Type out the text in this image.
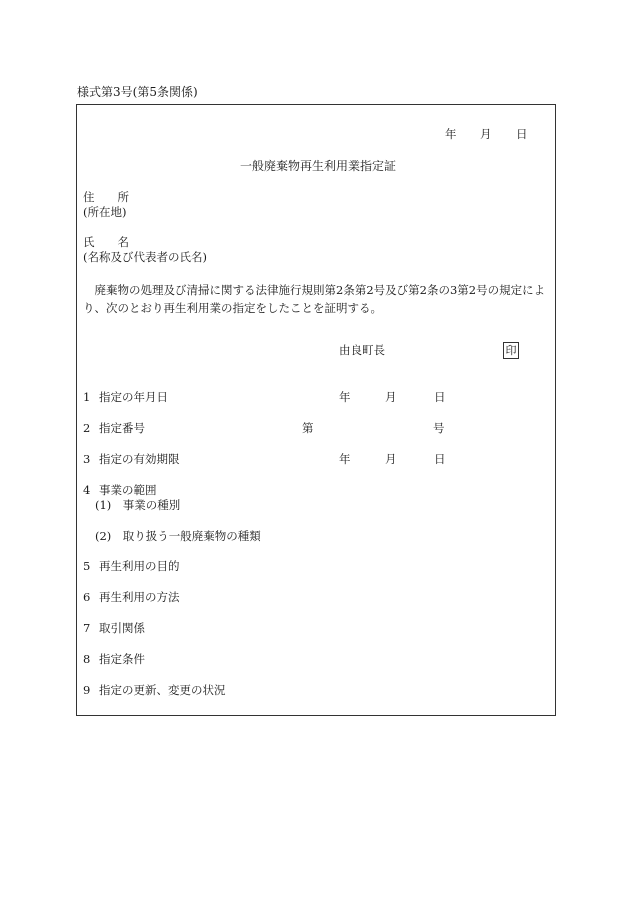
様式第3号(第5条関係)
年 月 日
一般廃棄物再生利用業指定証
住　　所
(所在地)
氏　　名
(名称及び代表者の氏名)
廃棄物の処理及び清掃に関する法律施行規則第2条第2号及び第2条の3第2号の規定により、次のとおり再生利用業の指定をしたことを証明する。
由良町長	印
1 指定の年月日	年	月	日
2 指定番号	第	号
3 指定の有効期限	年	月	日
4 事業の範囲
(1)　事業の種別
(2)　取り扱う一般廃棄物の種類
5 再生利用の目的
6 再生利用の方法
7 取引関係
8 指定条件
9 指定の更新、変更の状況
